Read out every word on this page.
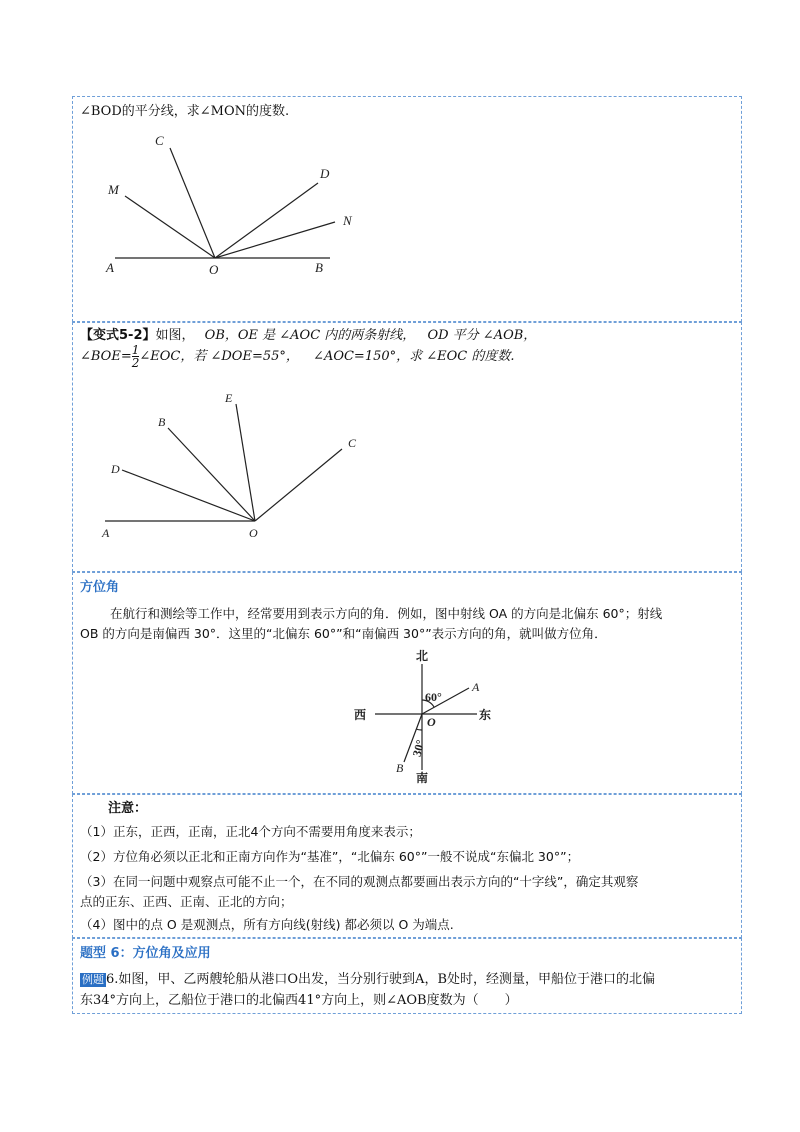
∠BOD的平分线，求∠MON的度数.
C
M
D
N
A	O	B
E
B
C
D
A	O
北
南
西	东
O
A
B
60°
30°
【变式5-2】如图， OB，OE 是 ∠AOC 内的两条射线， OD 平分 ∠AOB，
∠BOE= $\frac{1}{2}$ ∠EOC，若 ∠DOE=55°， ∠AOC=150°，求 ∠EOC 的度数.
方位角
在航行和测绘等工作中，经常要用到表示方向的角．例如，图中射线 OA 的方向是北偏东 60°；射线
OB 的方向是南偏西 30°．这里的“北偏东 60°”和“南偏西 30°”表示方向的角，就叫做方位角．
注意：
（1）正东，正西，正南，正北4个方向不需要用角度来表示；
（2）方位角必须以正北和正南方向作为“基准”，“北偏东 60°”一般不说成“东偏北 30°”；
（3）在同一问题中观察点可能不止一个，在不同的观测点都要画出表示方向的“十字线”，确定其观察
点的正东、正西、正南、正北的方向；
（4）图中的点 O 是观测点，所有方向线(射线) 都必须以 O 为端点.
题型 6：方位角及应用
例题 6.如图，甲、乙两艘轮船从港口O出发，当分别行驶到A，B处时，经测量，甲船位于港口的北偏
东34°方向上，乙船位于港口的北偏西41°方向上，则∠AOB度数为（　　）
